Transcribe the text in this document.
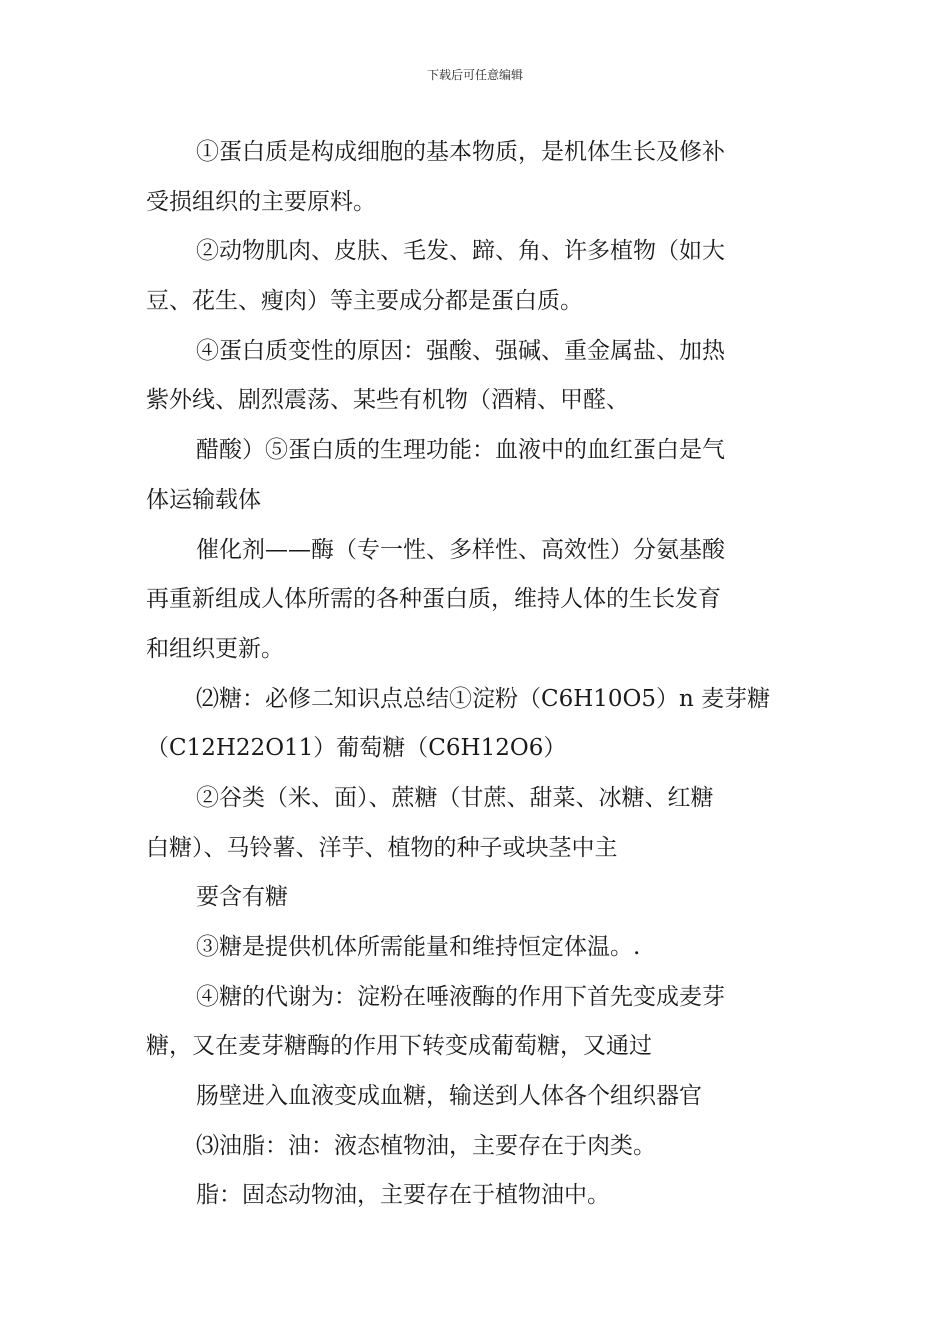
下载后可任意编辑
①蛋白质是构成细胞的基本物质，是机体生长及修补
受损组织的主要原料。
②动物肌肉、皮肤、毛发、蹄、角、许多植物（如大
豆、花生、瘦肉）等主要成分都是蛋白质。
④蛋白质变性的原因：强酸、强碱、重金属盐、加热
紫外线、剧烈震荡、某些有机物（酒精、甲醛、
醋酸）⑤蛋白质的生理功能：血液中的血红蛋白是气
体运输载体
催化剂——酶（专一性、多样性、高效性）分氨基酸
再重新组成人体所需的各种蛋白质，维持人体的生长发育
和组织更新。
⑵糖：必修二知识点总结①淀粉（C6H10O5）n 麦芽糖
（C12H22O11）葡萄糖（C6H12O6）
②谷类（米、面）、蔗糖（甘蔗、甜菜、冰糖、红糖
白糖）、马铃薯、洋芋、植物的种子或块茎中主
要含有糖
③糖是提供机体所需能量和维持恒定体温。.
④糖的代谢为：淀粉在唾液酶的作用下首先变成麦芽
糖，又在麦芽糖酶的作用下转变成葡萄糖，又通过
肠壁进入血液变成血糖，输送到人体各个组织器官
⑶油脂：油：液态植物油，主要存在于肉类。
脂：固态动物油，主要存在于植物油中。
